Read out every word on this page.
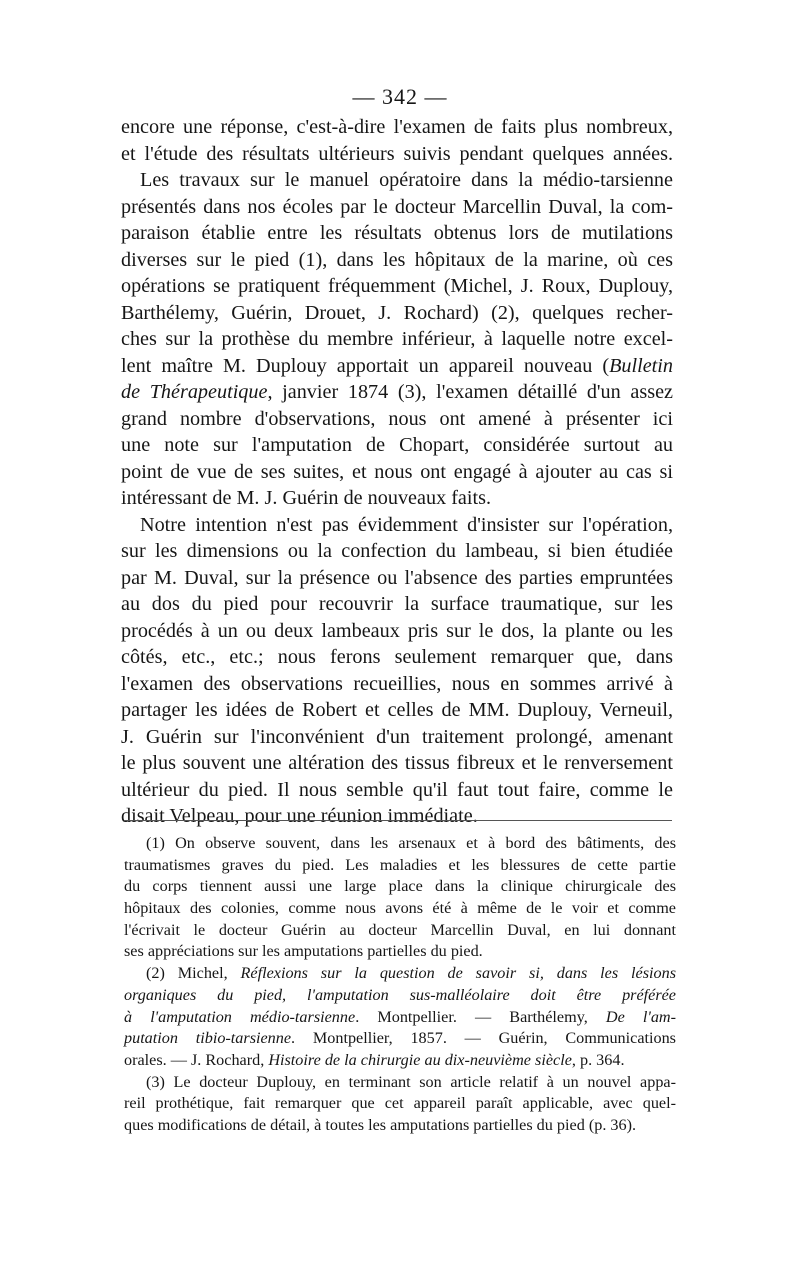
— 342 —
encore une réponse, c'est-à-dire l'examen de faits plus nombreux,
et l'étude des résultats ultérieurs suivis pendant quelques années.
Les travaux sur le manuel opératoire dans la médio-tarsienne
présentés dans nos écoles par le docteur Marcellin Duval, la com-
paraison établie entre les résultats obtenus lors de mutilations
diverses sur le pied (1), dans les hôpitaux de la marine, où ces
opérations se pratiquent fréquemment (Michel, J. Roux, Duplouy,
Barthélemy, Guérin, Drouet, J. Rochard) (2), quelques recher-
ches sur la prothèse du membre inférieur, à laquelle notre excel-
lent maître M. Duplouy apportait un appareil nouveau (Bulletin
de Thérapeutique, janvier 1874 (3), l'examen détaillé d'un assez
grand nombre d'observations, nous ont amené à présenter ici
une note sur l'amputation de Chopart, considérée surtout au
point de vue de ses suites, et nous ont engagé à ajouter au cas si
intéressant de M. J. Guérin de nouveaux faits.
Notre intention n'est pas évidemment d'insister sur l'opération,
sur les dimensions ou la confection du lambeau, si bien étudiée
par M. Duval, sur la présence ou l'absence des parties empruntées
au dos du pied pour recouvrir la surface traumatique, sur les
procédés à un ou deux lambeaux pris sur le dos, la plante ou les
côtés, etc., etc.; nous ferons seulement remarquer que, dans
l'examen des observations recueillies, nous en sommes arrivé à
partager les idées de Robert et celles de MM. Duplouy, Verneuil,
J. Guérin sur l'inconvénient d'un traitement prolongé, amenant
le plus souvent une altération des tissus fibreux et le renversement
ultérieur du pied. Il nous semble qu'il faut tout faire, comme le
disait Velpeau, pour une réunion immédiate.
(1) On observe souvent, dans les arsenaux et à bord des bâtiments, des
traumatismes graves du pied. Les maladies et les blessures de cette partie
du corps tiennent aussi une large place dans la clinique chirurgicale des
hôpitaux des colonies, comme nous avons été à même de le voir et comme
l'écrivait le docteur Guérin au docteur Marcellin Duval, en lui donnant
ses appréciations sur les amputations partielles du pied.
(2) Michel, Réflexions sur la question de savoir si, dans les lésions
organiques du pied, l'amputation sus-malléolaire doit être préférée
à l'amputation médio-tarsienne. Montpellier. — Barthélemy, De l'am-
putation tibio-tarsienne. Montpellier, 1857. — Guérin, Communications
orales. — J. Rochard, Histoire de la chirurgie au dix-neuvième siècle, p. 364.
(3) Le docteur Duplouy, en terminant son article relatif à un nouvel appa-
reil prothétique, fait remarquer que cet appareil paraît applicable, avec quel-
ques modifications de détail, à toutes les amputations partielles du pied (p. 36).
